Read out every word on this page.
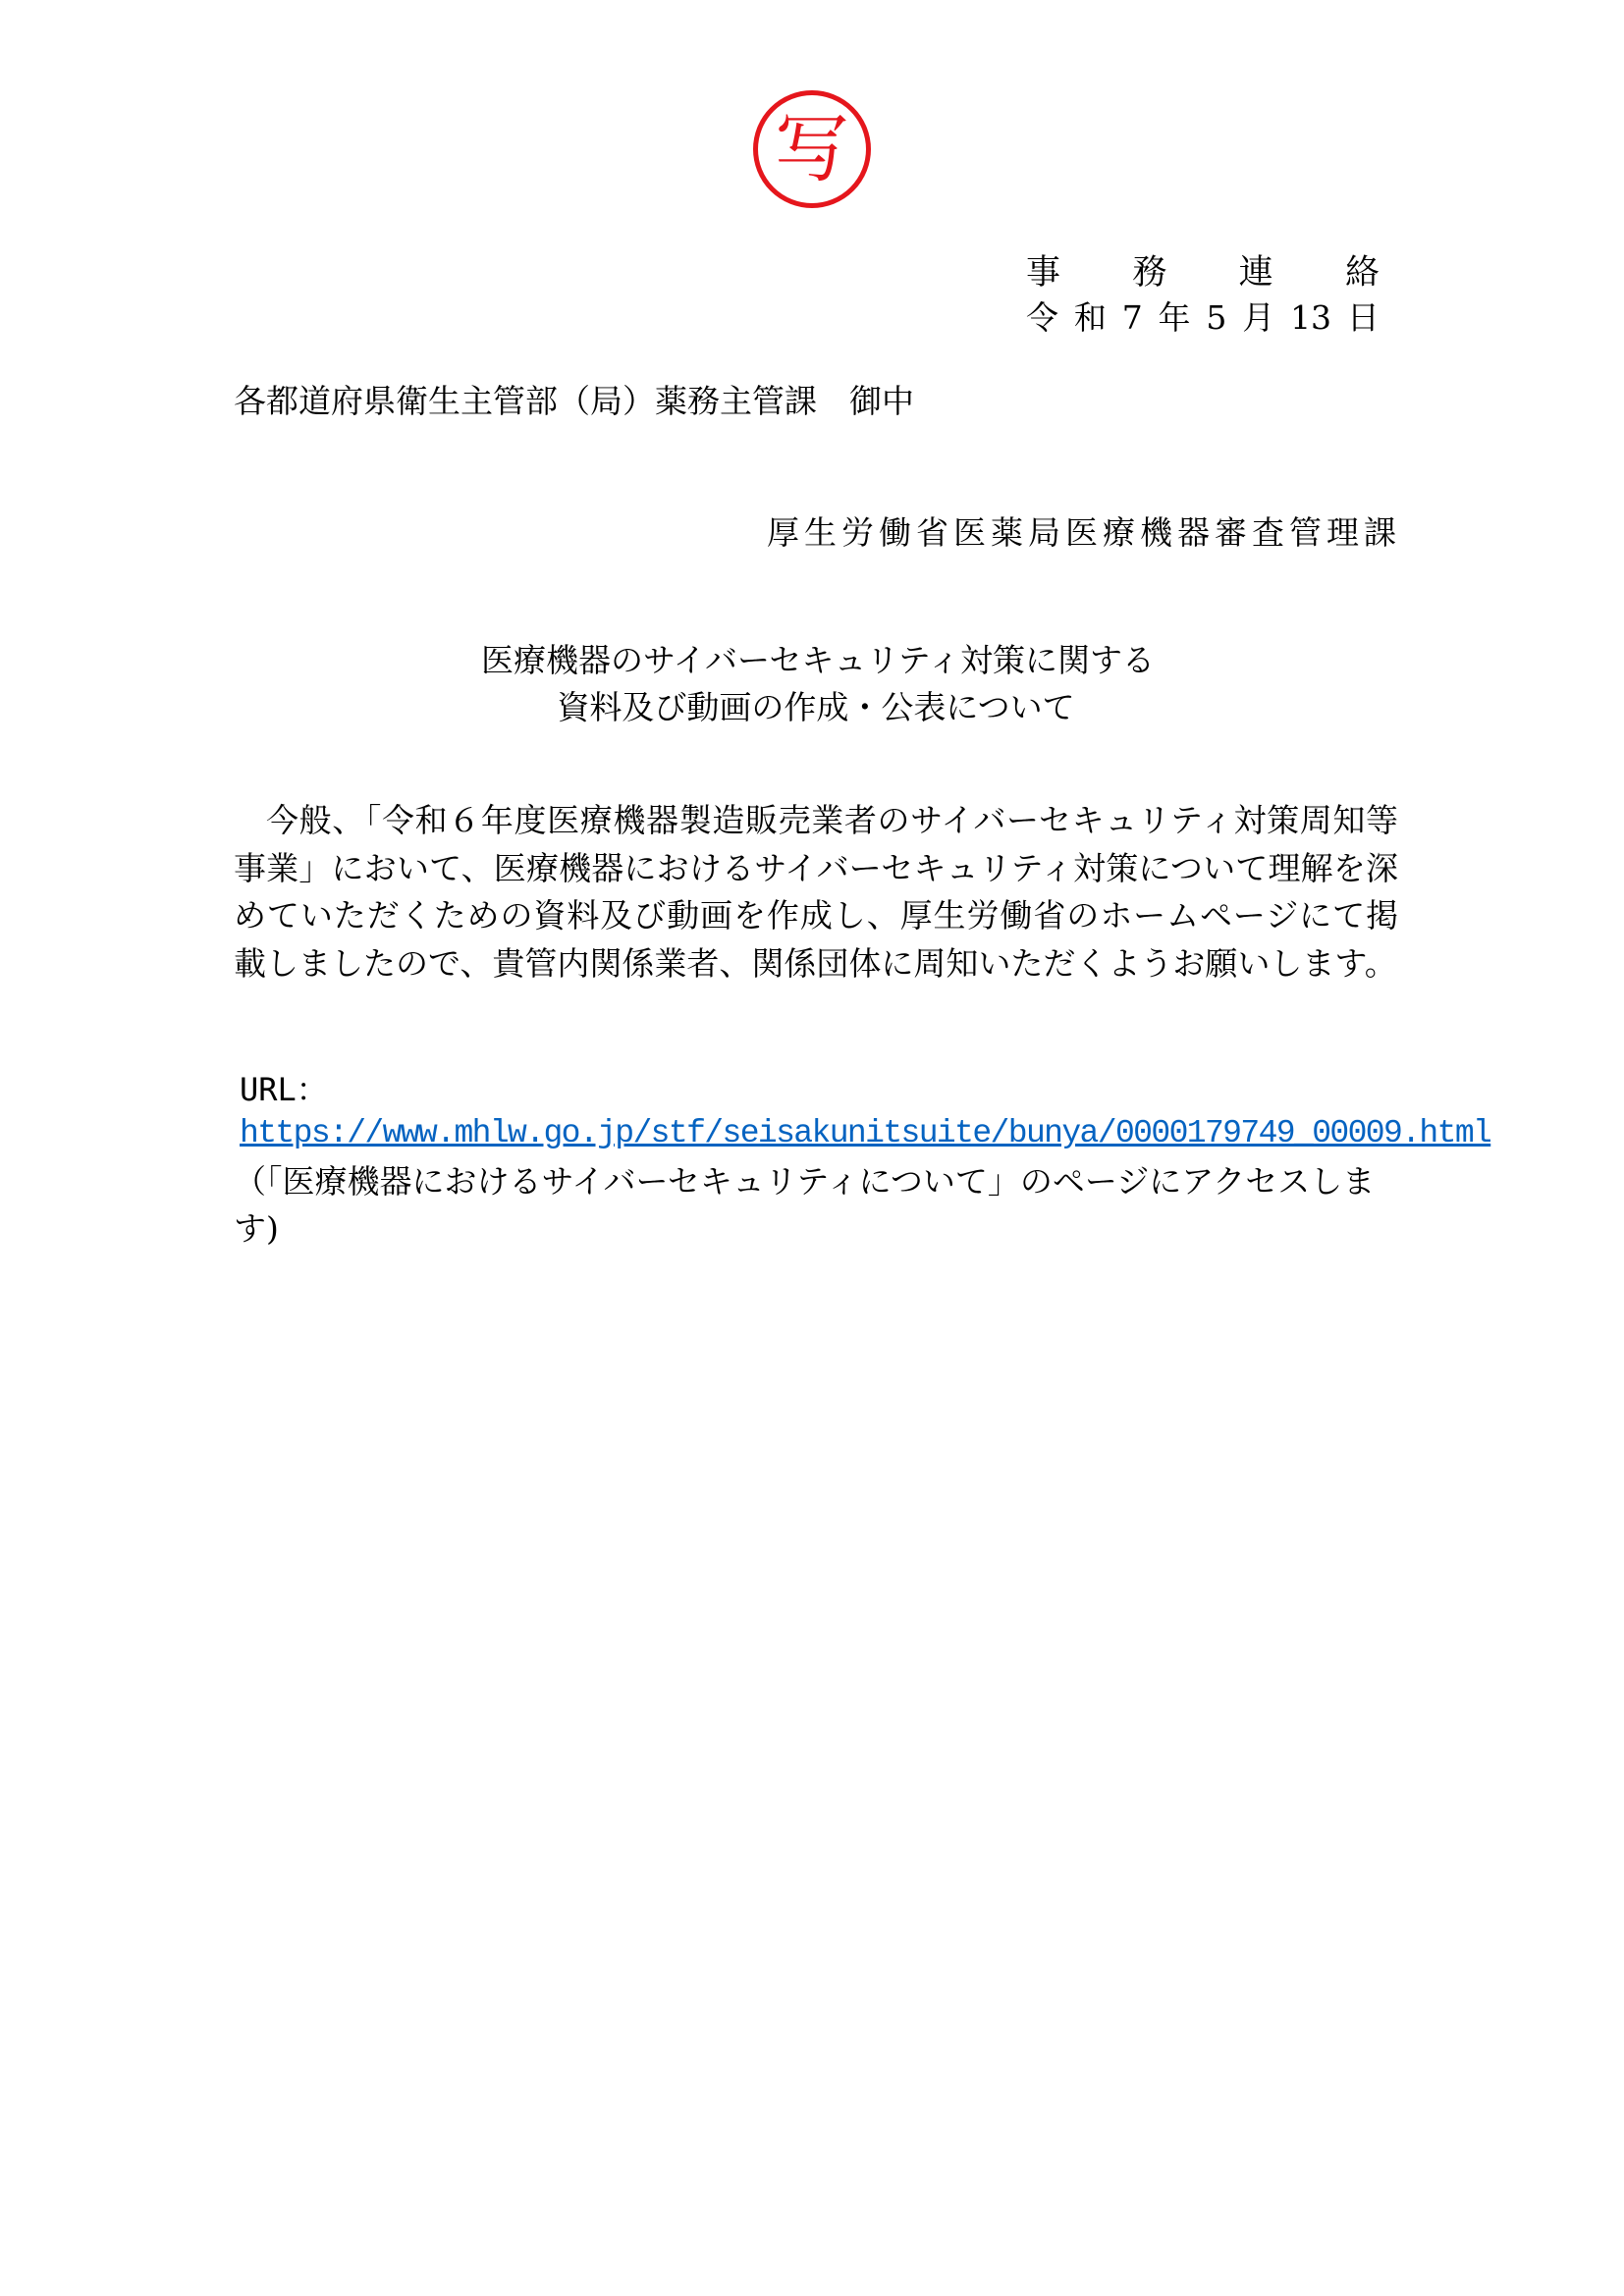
写
事 務 連 絡
令 和 7 年 5 月 13 日
各都道府県衛生主管部（局）薬務主管課　御中
厚生労働省医薬局医療機器審査管理課
医療機器のサイバーセキュリティ対策に関する
資料及び動画の作成・公表について

今般、「令和６年度医療機器製造販売業者のサイバーセキュリティ対策周知等事業」において、医療機器におけるサイバーセキュリティ対策について理解を深めていただくための資料及び動画を作成し、厚生労働省のホームページにて掲載しましたので、貴管内関係業者、関係団体に周知いただくようお願いします。

URL：
https://www.mhlw.go.jp/stf/seisakunitsuite/bunya/0000179749_00009.html
（「医療機器におけるサイバーセキュリティについて」のページにアクセスします)
